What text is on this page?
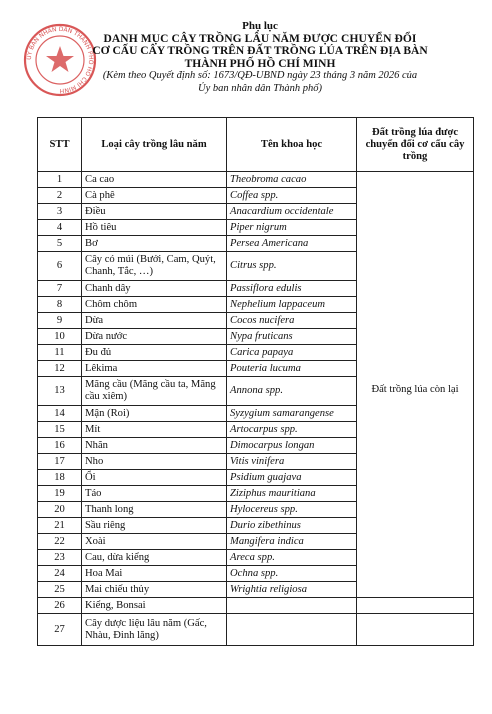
ỦY BAN NHÂN DÂN THÀNH PHỐ HỒ CHÍ MINH
Phụ lục
DANH MỤC CÂY TRỒNG LÂU NĂM ĐƯỢC CHUYỂN ĐỔI
CƠ CẤU CÂY TRỒNG TRÊN ĐẤT TRỒNG LÚA TRÊN ĐỊA BÀN
THÀNH PHỐ HỒ CHÍ MINH
(Kèm theo Quyết định số: 1673/QĐ-UBND ngày 23 tháng 3 năm 2026 của
Ủy ban nhân dân Thành phố)
STT	Loại cây trồng lâu năm	Tên khoa học	Đất trồng lúa được chuyển đổi cơ cấu cây trồng
1	Ca cao	Theobroma cacao	Đất trồng lúa còn lại
2	Cà phê	Coffea spp.	
3	Điều	Anacardium occidentale	
4	Hồ tiêu	Piper nigrum	
5	Bơ	Persea Americana	
6	Cây có múi (Bưởi, Cam, Quýt, Chanh, Tắc, …)	Citrus spp.	
7	Chanh dây	Passiflora edulis	
8	Chôm chôm	Nephelium lappaceum	
9	Dừa	Cocos nucifera	
10	Dừa nước	Nypa fruticans	
11	Đu đủ	Carica papaya	
12	Lêkima	Pouteria lucuma	
13	Mãng cầu (Mãng cầu ta, Mãng cầu xiêm)	Annona spp.	
14	Mận (Roi)	Syzygium samarangense	
15	Mít	Artocarpus spp.	
16	Nhãn	Dimocarpus longan	
17	Nho	Vitis vinifera	
18	Ổi	Psidium guajava	
19	Táo	Ziziphus mauritiana	
20	Thanh long	Hylocereus spp.	
21	Sầu riêng	Durio zibethinus	
22	Xoài	Mangifera indica	
23	Cau, dừa kiểng	Areca spp.	
24	Hoa Mai	Ochna spp.	
25	Mai chiếu thủy	Wrightia religiosa	
26	Kiểng, Bonsai		
27	Cây dược liệu lâu năm (Gấc, Nhàu, Đinh lăng)		
